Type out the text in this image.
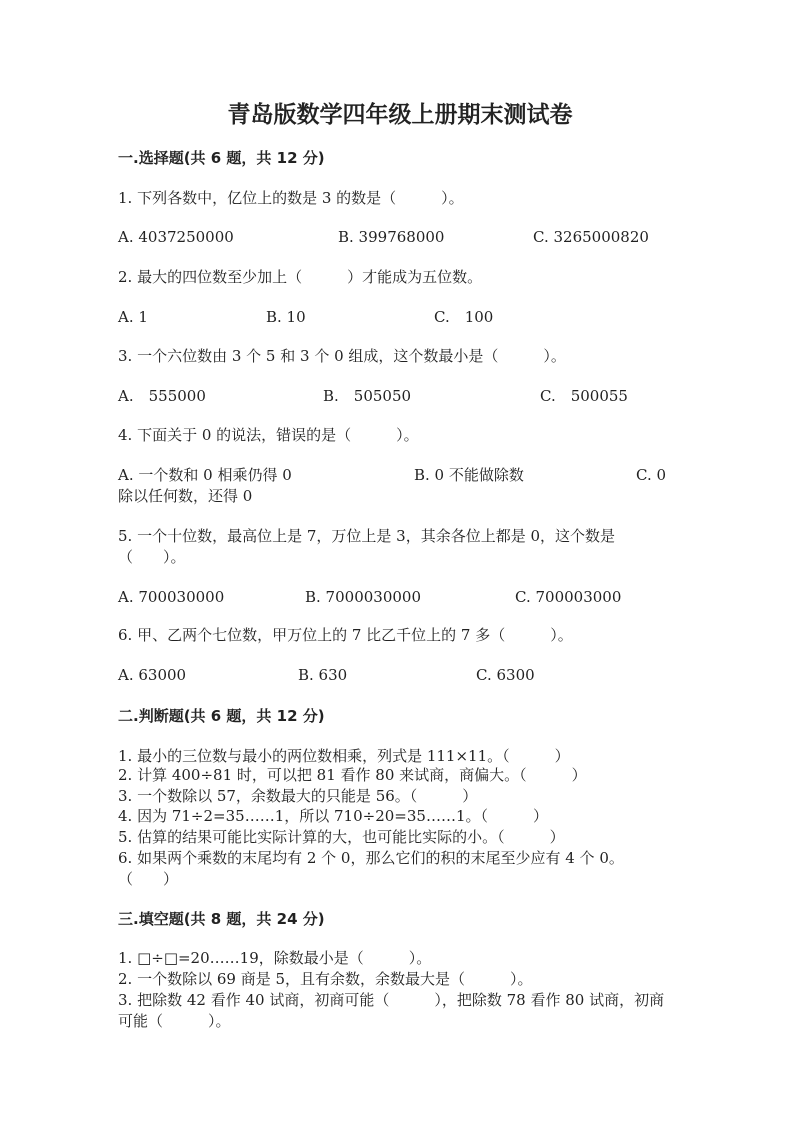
青岛版数学四年级上册期末测试卷
一.选择题(共 6 题，共 12 分)
1. 下列各数中，亿位上的数是 3 的数是（　　　）。
A. 4037250000	B. 399768000	C. 3265000820
2. 最大的四位数至少加上（　　　）才能成为五位数。
A. 1	B. 10	C.　100
3. 一个六位数由 3 个 5 和 3 个 0 组成，这个数最小是（　　　）。
A.　555000	B.　505050	C.　500055
4. 下面关于 0 的说法，错误的是（　　　）。
A. 一个数和 0 相乘仍得 0	B. 0 不能做除数	C. 0
除以任何数，还得 0
5. 一个十位数，最高位上是 7，万位上是 3，其余各位上都是 0，这个数是
（　　）。
A. 700030000	B. 7000030000	C. 700003000
6. 甲、乙两个七位数，甲万位上的 7 比乙千位上的 7 多（　　　）。
A. 63000	B. 630	C. 6300
二.判断题(共 6 题，共 12 分)
1. 最小的三位数与最小的两位数相乘，列式是 111×11。（　　　）
2. 计算 400÷81 时，可以把 81 看作 80 来试商，商偏大。（　　　）
3. 一个数除以 57，余数最大的只能是 56。（　　　）
4. 因为 71÷2=35……1，所以 710÷20=35……1。（　　　）
5. 估算的结果可能比实际计算的大，也可能比实际的小。（　　　）
6. 如果两个乘数的末尾均有 2 个 0，那么它们的积的末尾至少应有 4 个 0。
（　　）
三.填空题(共 8 题，共 24 分)
1. □÷□=20……19，除数最小是（　　　）。
2. 一个数除以 69 商是 5，且有余数，余数最大是（　　　）。
3. 把除数 42 看作 40 试商，初商可能（　　　），把除数 78 看作 80 试商，初商
可能（　　　）。
